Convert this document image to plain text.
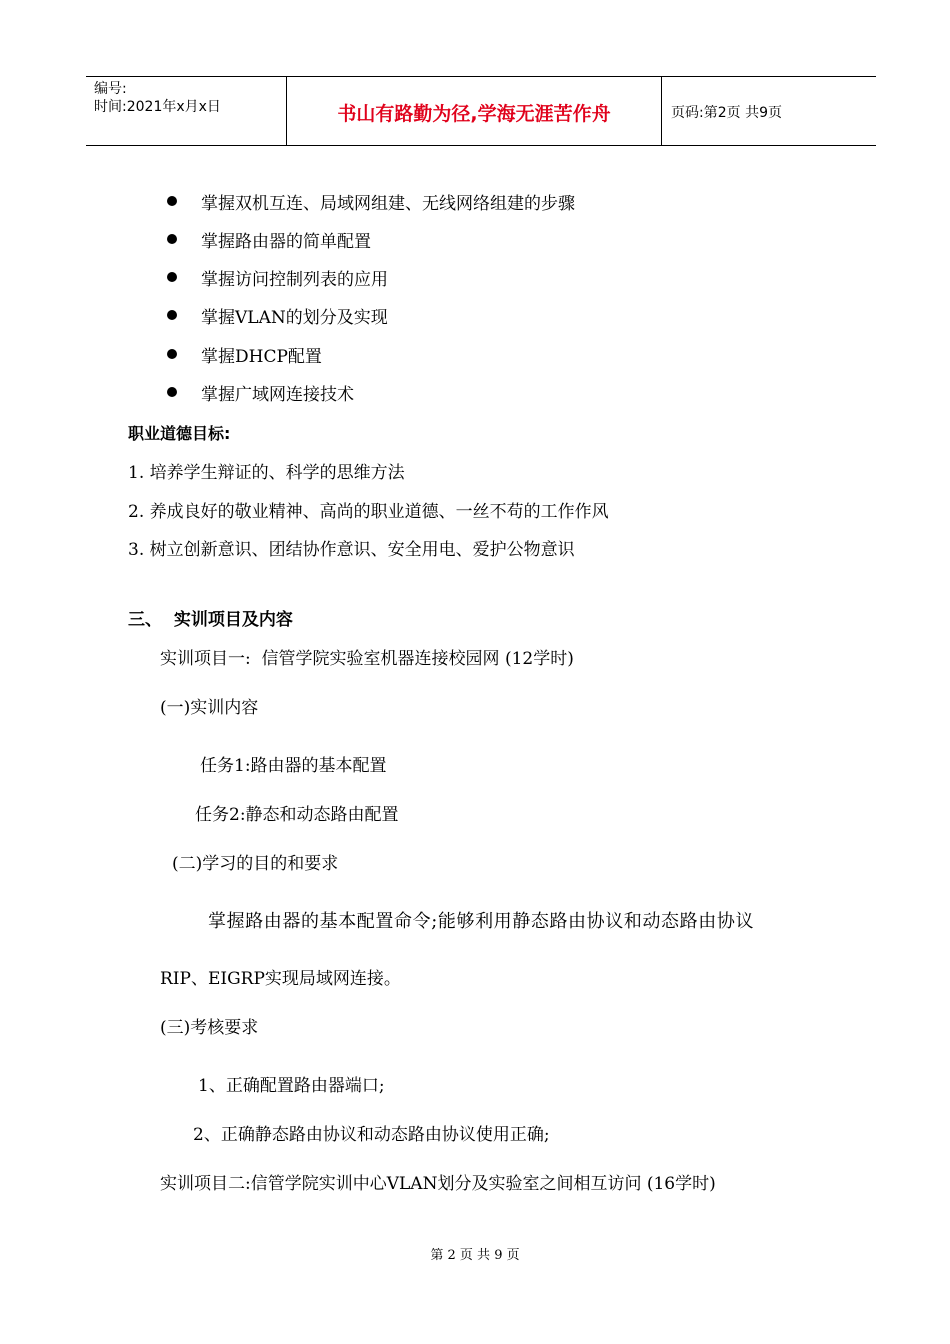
编号:
时间:2021年x月x日	书山有路勤为径,学海无涯苦作舟	页码:第2页 共9页
掌握双机互连、局域网组建、无线网络组建的步骤
掌握路由器的简单配置
掌握访问控制列表的应用
掌握VLAN的划分及实现
掌握DHCP配置
掌握广域网连接技术
职业道德目标:
1. 培养学生辩证的、科学的思维方法
2. 养成良好的敬业精神、高尚的职业道德、一丝不苟的工作作风
3. 树立创新意识、团结协作意识、安全用电、爱护公物意识
三、  实训项目及内容
实训项目一:  信管学院实验室机器连接校园网 (12学时)
(一)实训内容
任务1:路由器的基本配置
任务2:静态和动态路由配置
(二)学习的目的和要求
掌握路由器的基本配置命令;能够利用静态路由协议和动态路由协议
RIP、EIGRP实现局域网连接。
(三)考核要求
1、正确配置路由器端口;
2、正确静态路由协议和动态路由协议使用正确;
实训项目二:信管学院实训中心VLAN划分及实验室之间相互访问 (16学时)
第 2 页 共 9 页
